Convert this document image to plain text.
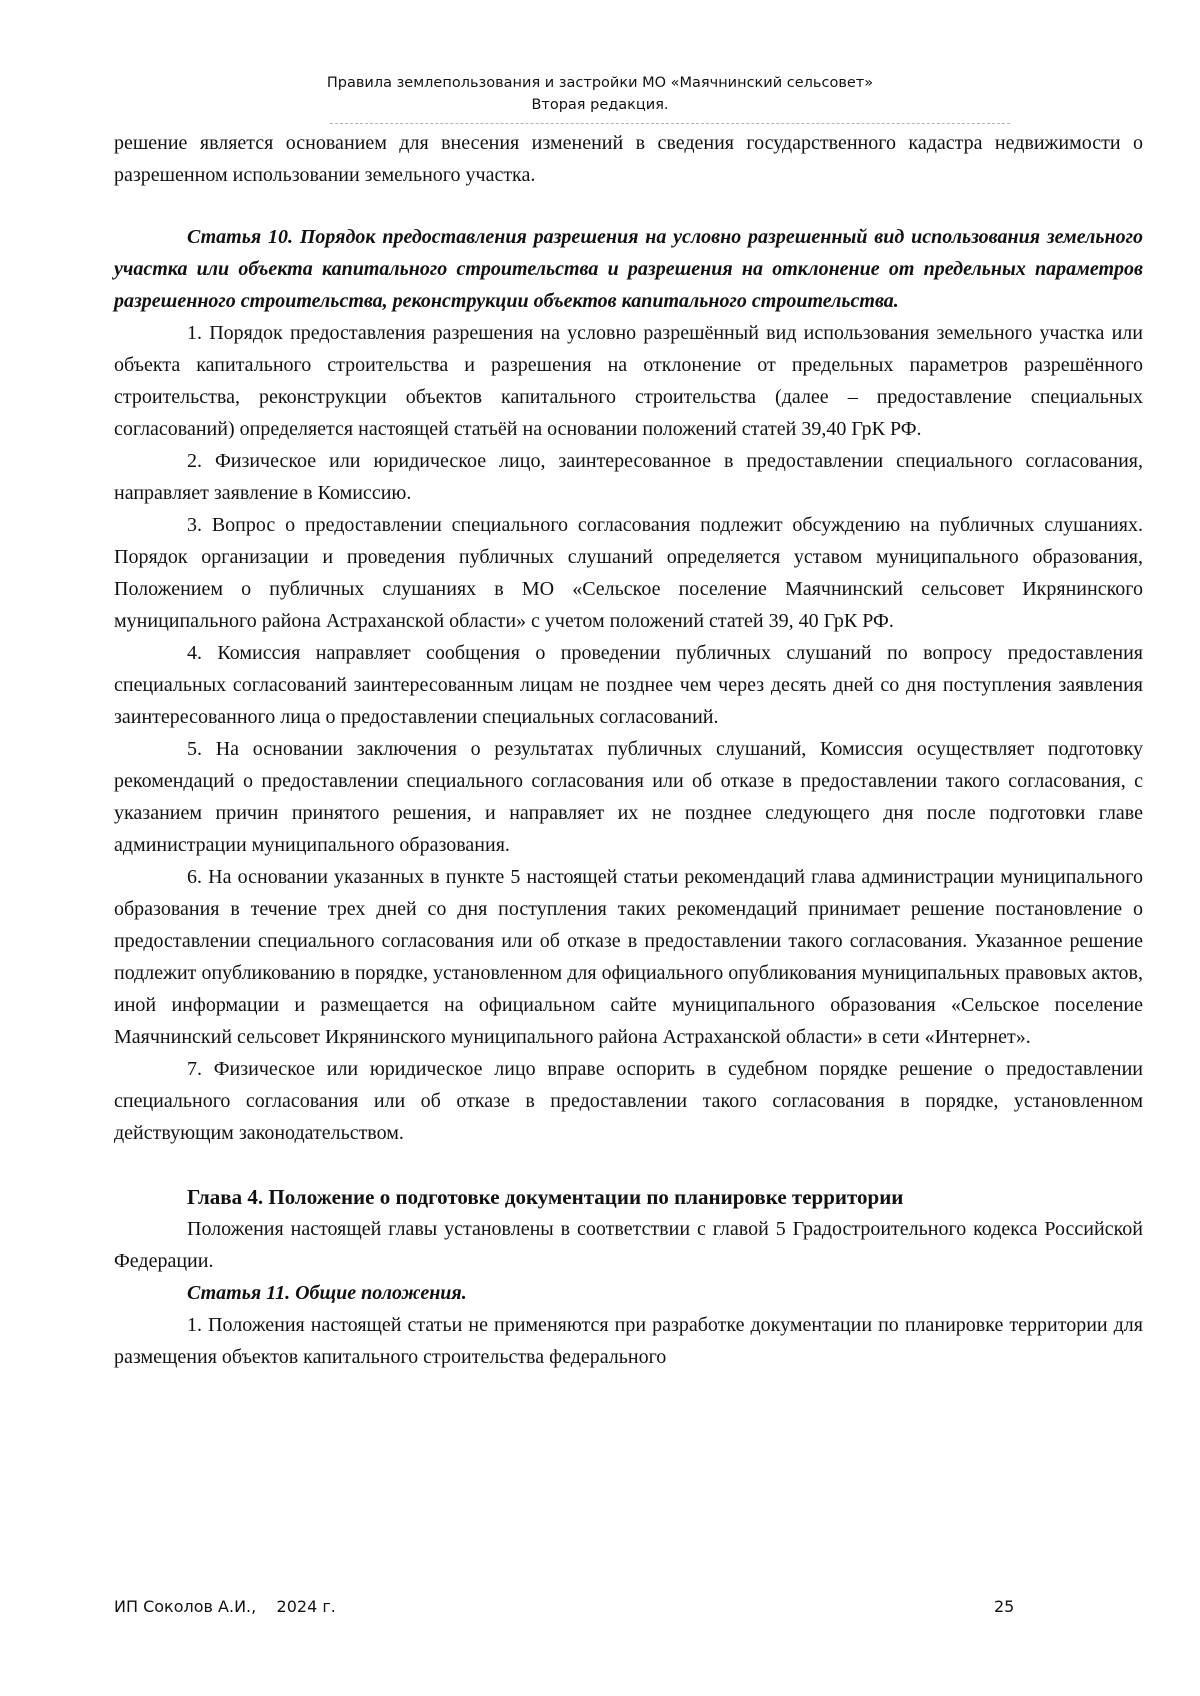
Правила землепользования и застройки МО «Маячнинский сельсовет»
Вторая редакция.

решение является основанием для внесения изменений в сведения государственного кадастра недвижимости о разрешенном использовании земельного участка.

Статья 10. Порядок предоставления разрешения на условно разрешенный вид использования земельного участка или объекта капитального строительства и разрешения на отклонение от предельных параметров разрешенного строительства, реконструкции объектов капитального строительства.

1. Порядок предоставления разрешения на условно разрешённый вид использования земельного участка или объекта капитального строительства и разрешения на отклонение от предельных параметров разрешённого строительства, реконструкции объектов капитального строительства (далее – предоставление специальных согласований) определяется настоящей статьёй на основании положений статей 39,40 ГрК РФ.

2. Физическое или юридическое лицо, заинтересованное в предоставлении специального согласования, направляет заявление в Комиссию.

3. Вопрос о предоставлении специального согласования подлежит обсуждению на публичных слушаниях. Порядок организации и проведения публичных слушаний определяется уставом муниципального образования, Положением о публичных слушаниях в МО «Сельское поселение Маячнинский сельсовет Икрянинского муниципального района Астраханской области» с учетом положений статей 39, 40 ГрК РФ.

4. Комиссия направляет сообщения о проведении публичных слушаний по вопросу предоставления специальных согласований заинтересованным лицам не позднее чем через десять дней со дня поступления заявления заинтересованного лица о предоставлении специальных согласований.

5. На основании заключения о результатах публичных слушаний, Комиссия осуществляет подготовку рекомендаций о предоставлении специального согласования или об отказе в предоставлении такого согласования, с указанием причин принятого решения, и направляет их не позднее следующего дня после подготовки главе администрации муниципального образования.

6. На основании указанных в пункте 5 настоящей статьи рекомендаций глава администрации муниципального образования в течение трех дней со дня поступления таких рекомендаций принимает решение постановление о предоставлении специального согласования или об отказе в предоставлении такого согласования. Указанное решение подлежит опубликованию в порядке, установленном для официального опубликования муниципальных правовых актов, иной информации и размещается на официальном сайте муниципального образования «Сельское поселение Маячнинский сельсовет Икрянинского муниципального района Астраханской области» в сети «Интернет».

7. Физическое или юридическое лицо вправе оспорить в судебном порядке решение о предоставлении специального согласования или об отказе в предоставлении такого согласования в порядке, установленном действующим законодательством.

Глава 4. Положение о подготовке документации по планировке территории

Положения настоящей главы установлены в соответствии с главой 5 Градостроительного кодекса Российской Федерации.

Статья 11. Общие положения.

1. Положения настоящей статьи не применяются при разработке документации по планировке территории для размещения объектов капитального строительства федерального

ИП Соколов А.И.,    2024 г.	25
